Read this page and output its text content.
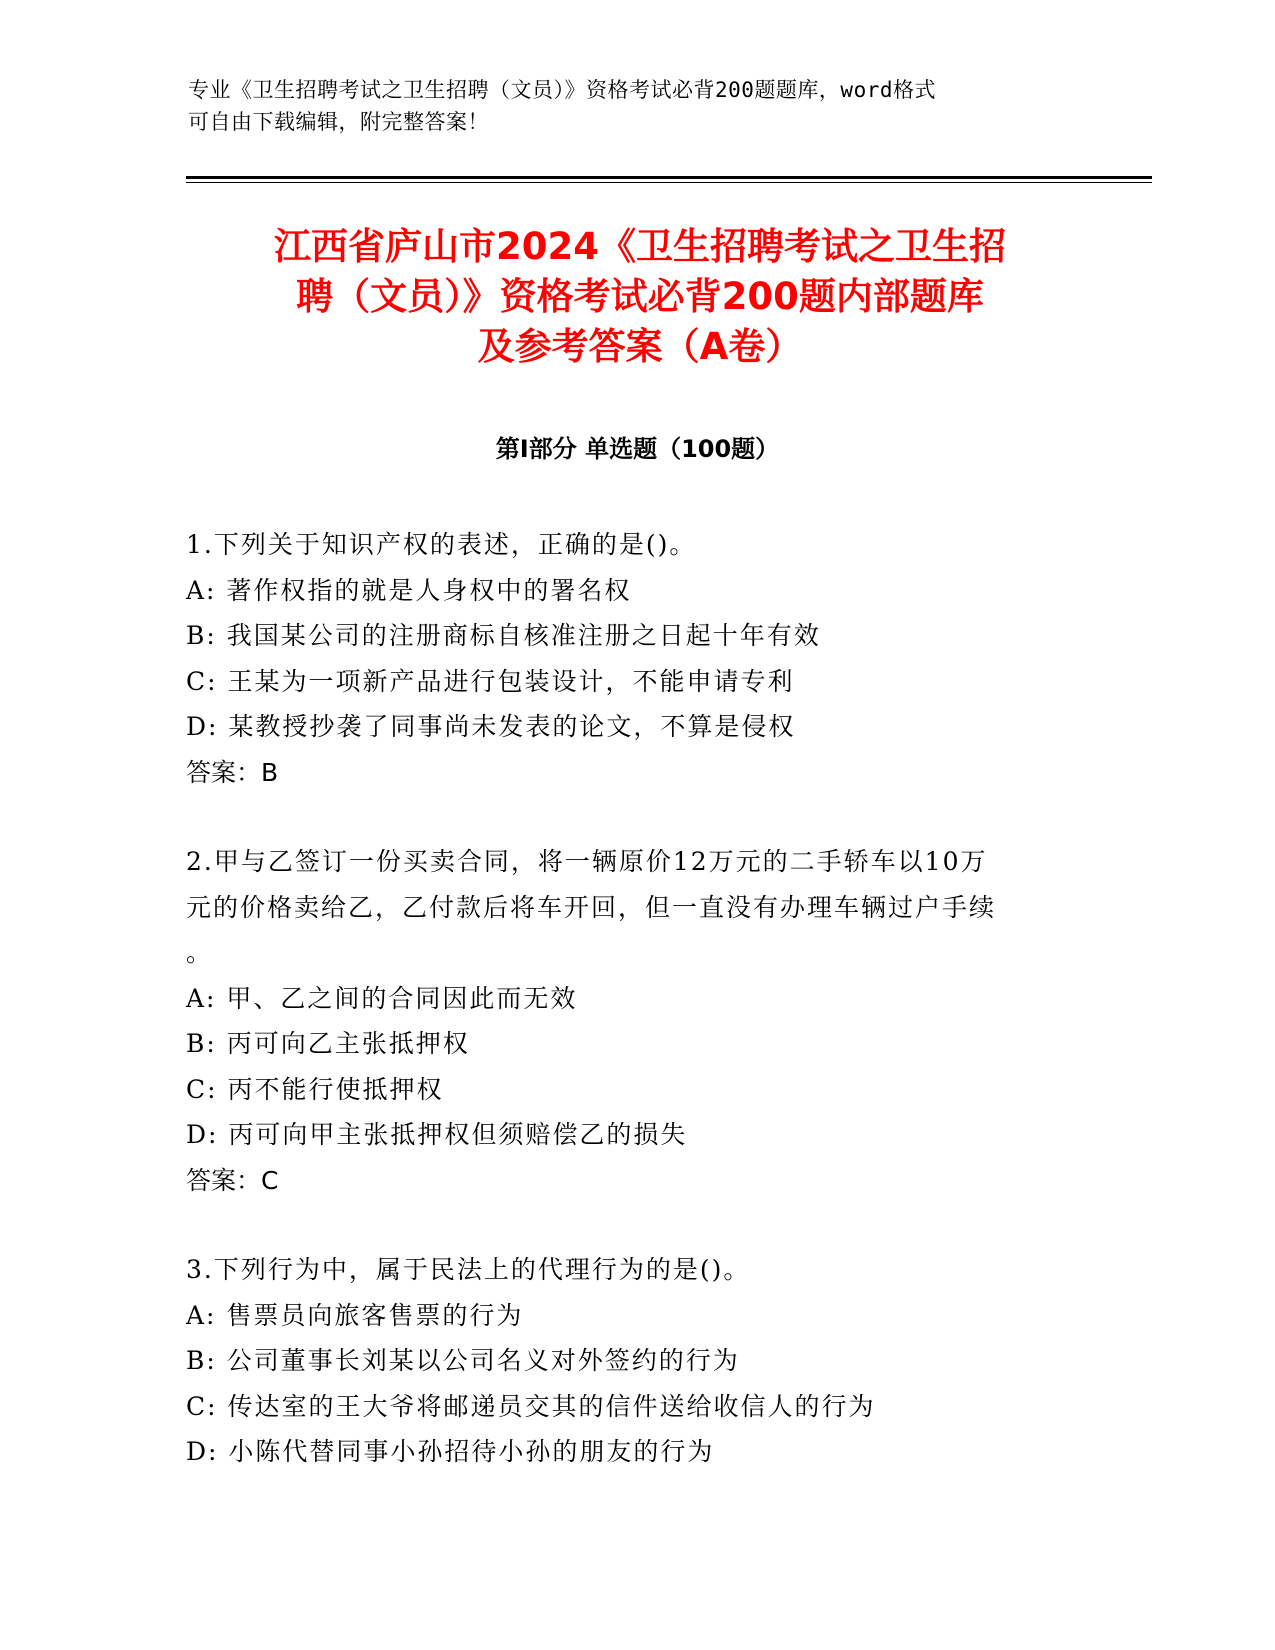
专业《卫生招聘考试之卫生招聘（文员）》资格考试必背200题题库，word格式
可自由下载编辑，附完整答案！
江西省庐山市2024《卫生招聘考试之卫生招
聘（文员）》资格考试必背200题内部题库
及参考答案（A卷）
第I部分 单选题（100题）
1.下列关于知识产权的表述，正确的是()。
A: 著作权指的就是人身权中的署名权
B: 我国某公司的注册商标自核准注册之日起十年有效
C: 王某为一项新产品进行包装设计，不能申请专利
D: 某教授抄袭了同事尚未发表的论文，不算是侵权
答案：B
2.甲与乙签订一份买卖合同，将一辆原价12万元的二手轿车以10万
元的价格卖给乙，乙付款后将车开回，但一直没有办理车辆过户手续
。
A: 甲、乙之间的合同因此而无效
B: 丙可向乙主张抵押权
C: 丙不能行使抵押权
D: 丙可向甲主张抵押权但须赔偿乙的损失
答案：C
3.下列行为中，属于民法上的代理行为的是()。
A: 售票员向旅客售票的行为
B: 公司董事长刘某以公司名义对外签约的行为
C: 传达室的王大爷将邮递员交其的信件送给收信人的行为
D: 小陈代替同事小孙招待小孙的朋友的行为
